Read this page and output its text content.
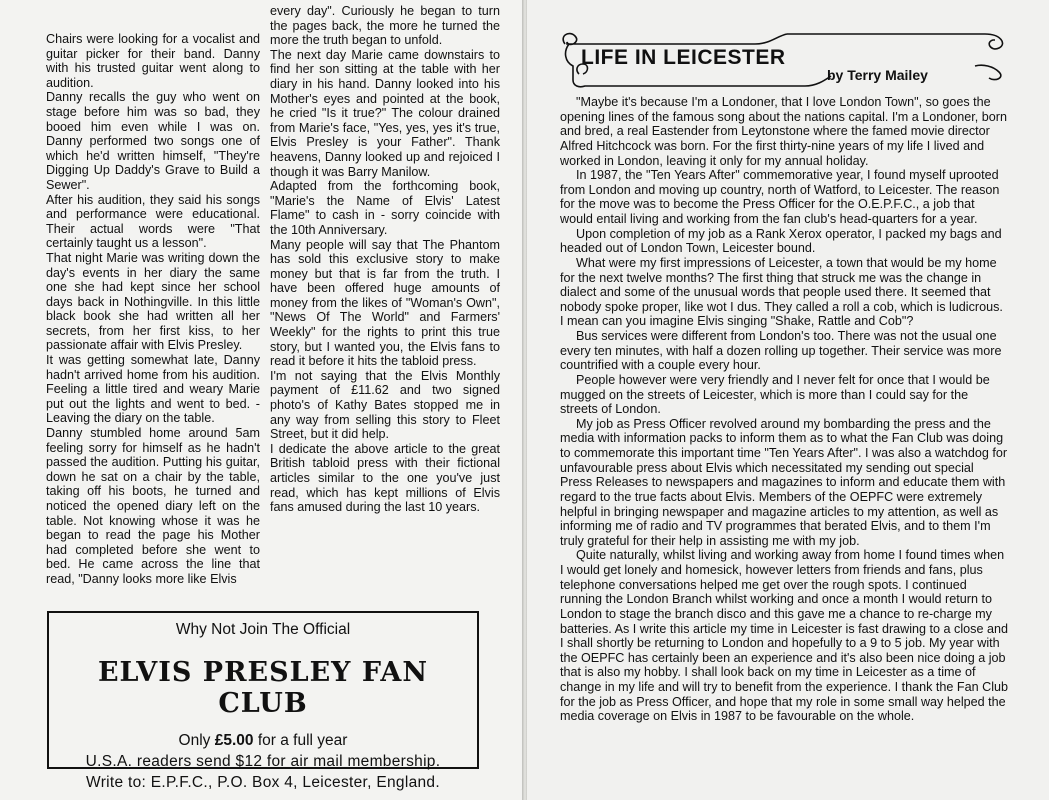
Chairs were looking for a vocalist and guitar picker for their band. Danny with his trusted guitar went along to audition.

Danny recalls the guy who went on stage before him was so bad, they booed him even while I was on. Danny performed two songs one of which he'd written himself, "They're Digging Up Daddy's Grave to Build a Sewer".

After his audition, they said his songs and performance were educational. Their actual words were "That certainly taught us a lesson".

That night Marie was writing down the day's events in her diary the same one she had kept since her school days back in Nothingville. In this little black book she had written all her secrets, from her first kiss, to her passionate affair with Elvis Presley.

It was getting somewhat late, Danny hadn't arrived home from his audition. Feeling a little tired and weary Marie put out the lights and went to bed. - Leaving the diary on the table.

Danny stumbled home around 5am feeling sorry for himself as he hadn't passed the audition. Putting his guitar, down he sat on a chair by the table, taking off his boots, he turned and noticed the opened diary left on the table. Not knowing whose it was he began to read the page his Mother had completed before she went to bed. He came across the line that read, "Danny looks more like Elvis

every day". Curiously he began to turn the pages back, the more he turned the more the truth began to unfold.

The next day Marie came downstairs to find her son sitting at the table with her diary in his hand. Danny looked into his Mother's eyes and pointed at the book, he cried "Is it true?" The colour drained from Marie's face, "Yes, yes, yes it's true, Elvis Presley is your Father". Thank heavens, Danny looked up and rejoiced I though it was Barry Manilow.

Adapted from the forthcoming book, "Marie's the Name of Elvis' Latest Flame" to cash in - sorry coincide with the 10th Anniversary.

Many people will say that The Phantom has sold this exclusive story to make money but that is far from the truth. I have been offered huge amounts of money from the likes of "Woman's Own", "News Of The World" and Farmers' Weekly" for the rights to print this true story, but I wanted you, the Elvis fans to read it before it hits the tabloid press.

I'm not saying that the Elvis Monthly payment of £11.62 and two signed photo's of Kathy Bates stopped me in any way from selling this story to Fleet Street, but it did help.

I dedicate the above article to the great British tabloid press with their fictional articles similar to the one you've just read, which has kept millions of Elvis fans amused during the last 10 years.

Why Not Join The Official
ELVIS PRESLEY FAN CLUB
Only £5.00 for a full year
U.S.A. readers send $12 for air mail membership.
Write to: E.P.F.C., P.O. Box 4, Leicester, England.
LIFE IN LEICESTER
by Terry Mailey

"Maybe it's because I'm a Londoner, that I love London Town", so goes the opening lines of the famous song about the nations capital. I'm a Londoner, born and bred, a real Eastender from Leytonstone where the famed movie director Alfred Hitchcock was born. For the first thirty-nine years of my life I lived and worked in London, leaving it only for my annual holiday.

In 1987, the "Ten Years After" commemorative year, I found myself uprooted from London and moving up country, north of Watford, to Leicester. The reason for the move was to become the Press Officer for the O.E.P.F.C., a job that would entail living and working from the fan club's head-quarters for a year.

Upon completion of my job as a Rank Xerox operator, I packed my bags and headed out of London Town, Leicester bound.

What were my first impressions of Leicester, a town that would be my home for the next twelve months? The first thing that struck me was the change in dialect and some of the unusual words that people used there. It seemed that nobody spoke proper, like wot I dus. They called a roll a cob, which is ludicrous. I mean can you imagine Elvis singing "Shake, Rattle and Cob"?

Bus services were different from London's too. There was not the usual one every ten minutes, with half a dozen rolling up together. Their service was more countrified with a couple every hour.

People however were very friendly and I never felt for once that I would be mugged on the streets of Leicester, which is more than I could say for the streets of London.

My job as Press Officer revolved around my bombarding the press and the media with information packs to inform them as to what the Fan Club was doing to commemorate this important time "Ten Years After". I was also a watchdog for unfavourable press about Elvis which necessitated my sending out special Press Releases to newspapers and magazines to inform and educate them with regard to the true facts about Elvis. Members of the OEPFC were extremely helpful in bringing newspaper and magazine articles to my attention, as well as informing me of radio and TV programmes that berated Elvis, and to them I'm truly grateful for their help in assisting me with my job.

Quite naturally, whilst living and working away from home I found times when I would get lonely and homesick, however letters from friends and fans, plus telephone conversations helped me get over the rough spots. I continued running the London Branch whilst working and once a month I would return to London to stage the branch disco and this gave me a chance to re-charge my batteries. As I write this article my time in Leicester is fast drawing to a close and I shall shortly be returning to London and hopefully to a 9 to 5 job. My year with the OEPFC has certainly been an experience and it's also been nice doing a job that is also my hobby. I shall look back on my time in Leicester as a time of change in my life and will try to benefit from the experience. I thank the Fan Club for the job as Press Officer, and hope that my role in some small way helped the media coverage on Elvis in 1987 to be favourable on the whole.
